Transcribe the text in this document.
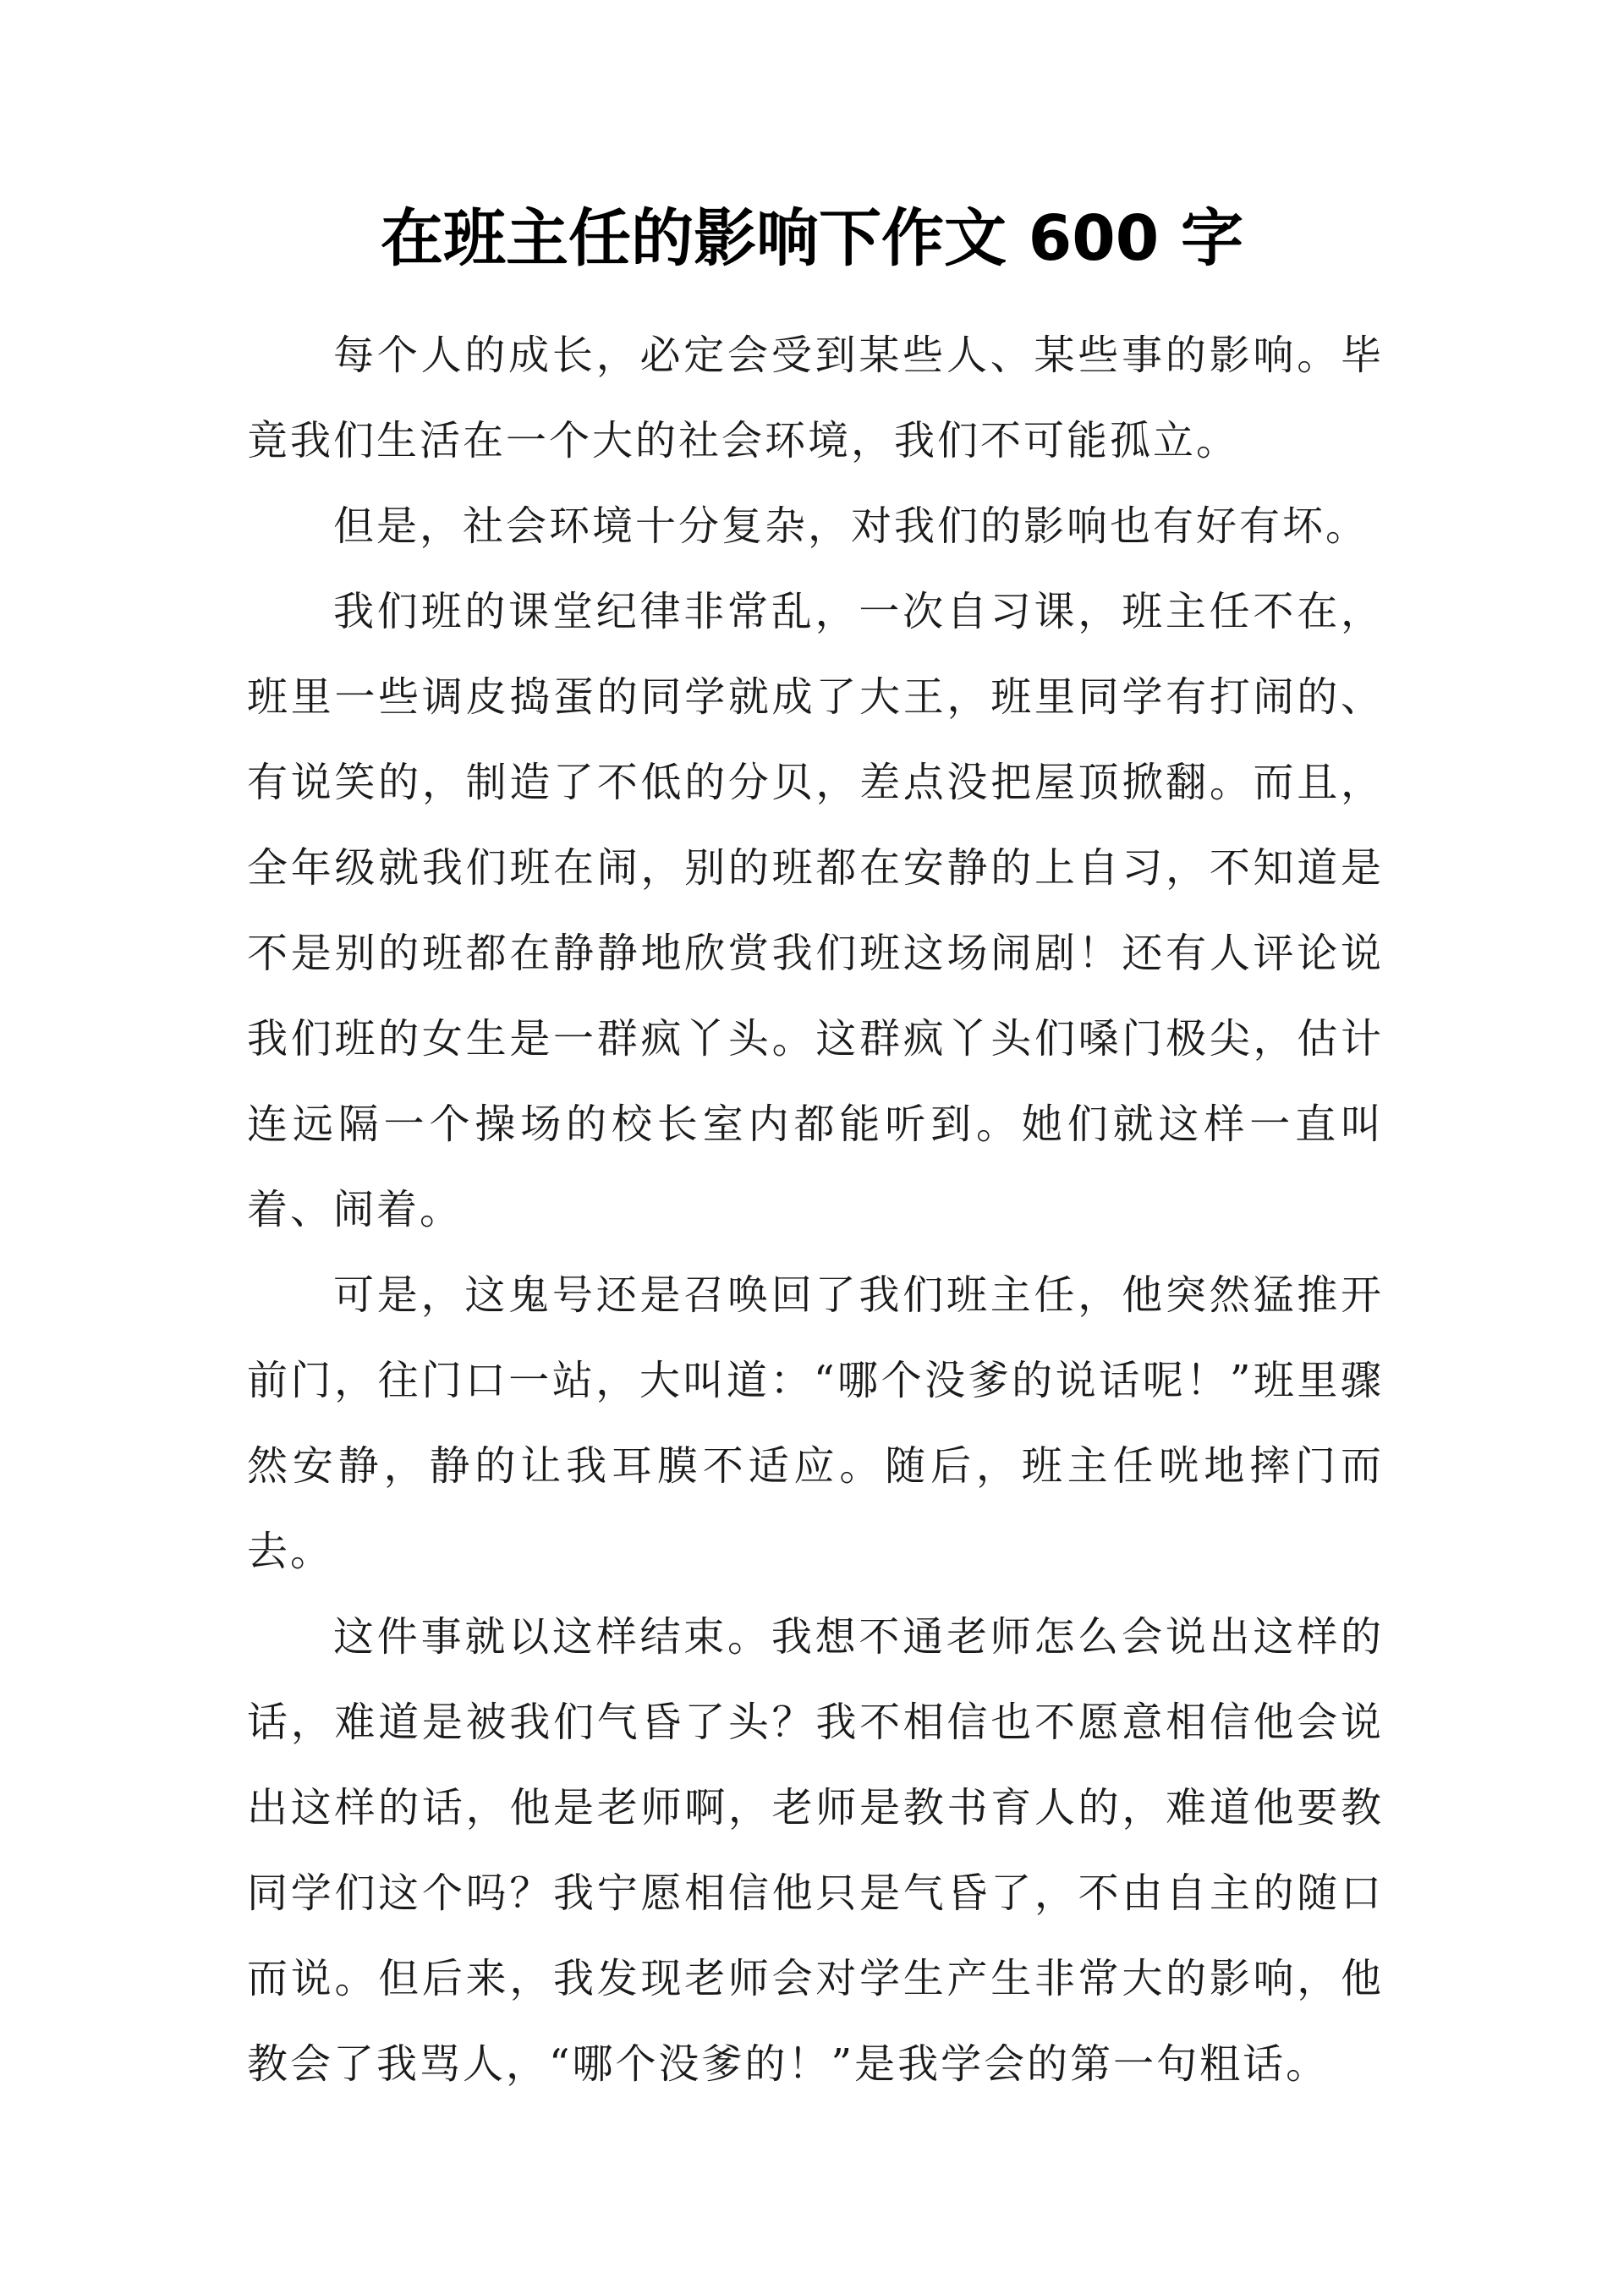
在班主任的影响下作文 600 字

每个人的成长，必定会受到某些人、某些事的影响。毕竟我们生活在一个大的社会环境，我们不可能孤立。

但是，社会环境十分复杂，对我们的影响也有好有坏。

我们班的课堂纪律非常乱，一次自习课，班主任不在，班里一些调皮捣蛋的同学就成了大王，班里同学有打闹的、有说笑的，制造了不低的分贝，差点没把屋顶掀翻。而且，全年级就我们班在闹，别的班都在安静的上自习，不知道是不是别的班都在静静地欣赏我们班这场闹剧！还有人评论说我们班的女生是一群疯丫头。这群疯丫头们嗓门极尖，估计连远隔一个操场的校长室内都能听到。她们就这样一直叫着、闹着。

可是，这鬼号还是召唤回了我们班主任，他突然猛推开前门，往门口一站，大叫道：“哪个没爹的说话呢！”班里骤然安静，静的让我耳膜不适应。随后，班主任咣地摔门而去。

这件事就以这样结束。我想不通老师怎么会说出这样的话，难道是被我们气昏了头？我不相信也不愿意相信他会说出这样的话，他是老师啊，老师是教书育人的，难道他要教同学们这个吗？我宁愿相信他只是气昏了，不由自主的随口而说。但后来，我发现老师会对学生产生非常大的影响，他教会了我骂人，“哪个没爹的！”是我学会的第一句粗话。
